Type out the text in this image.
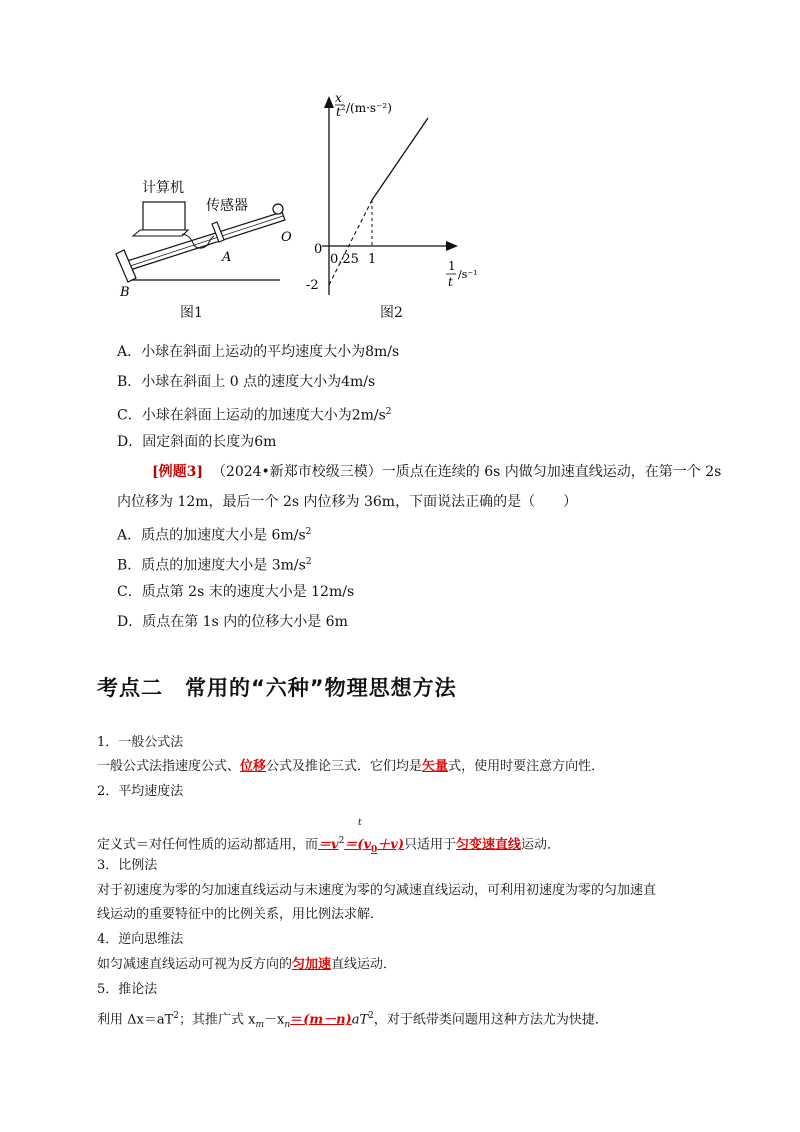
计算机
传感器
O
A
B
图1
x
t 2 /(m·s⁻²)
1
t
/s⁻¹
0
0.25 1
-2
图2
A．小球在斜面上运动的平均速度大小为8m/s
B．小球在斜面上 0 点的速度大小为4m/s
C．小球在斜面上运动的加速度大小为$2m/s^2$
D．固定斜面的长度为6m
[例题3] （2024•新郑市校级三模）一质点在连续的 6s 内做匀加速直线运动，在第一个 2s
内位移为 12m，最后一个 2s 内位移为 36m，下面说法正确的是（　　）
A．质点的加速度大小是 $6m/s^2$
B．质点的加速度大小是 $3m/s^2$
C．质点第 2s 末的速度大小是 12m/s
D．质点在第 1s 内的位移大小是 6m
考点二　常用的“六种”物理思想方法
1．一般公式法
一般公式法指速度公式、位移公式及推论三式．它们均是矢量式，使用时要注意方向性．
2．平均速度法
t
定义式＝对任何性质的运动都适用，而$=v^2=(v_0+v)$只适用于匀变速直线运动．
3．比例法
对于初速度为零的匀加速直线运动与末速度为零的匀减速直线运动，可利用初速度为零的匀加速直
线运动的重要特征中的比例关系，用比例法求解．
4．逆向思维法
如匀减速直线运动可视为反方向的匀加速直线运动．
5．推论法
利用 $\Delta x=aT^2$；其推广式 $x_m-x_n=(m-n)aT^2$，对于纸带类问题用这种方法尤为快捷．
